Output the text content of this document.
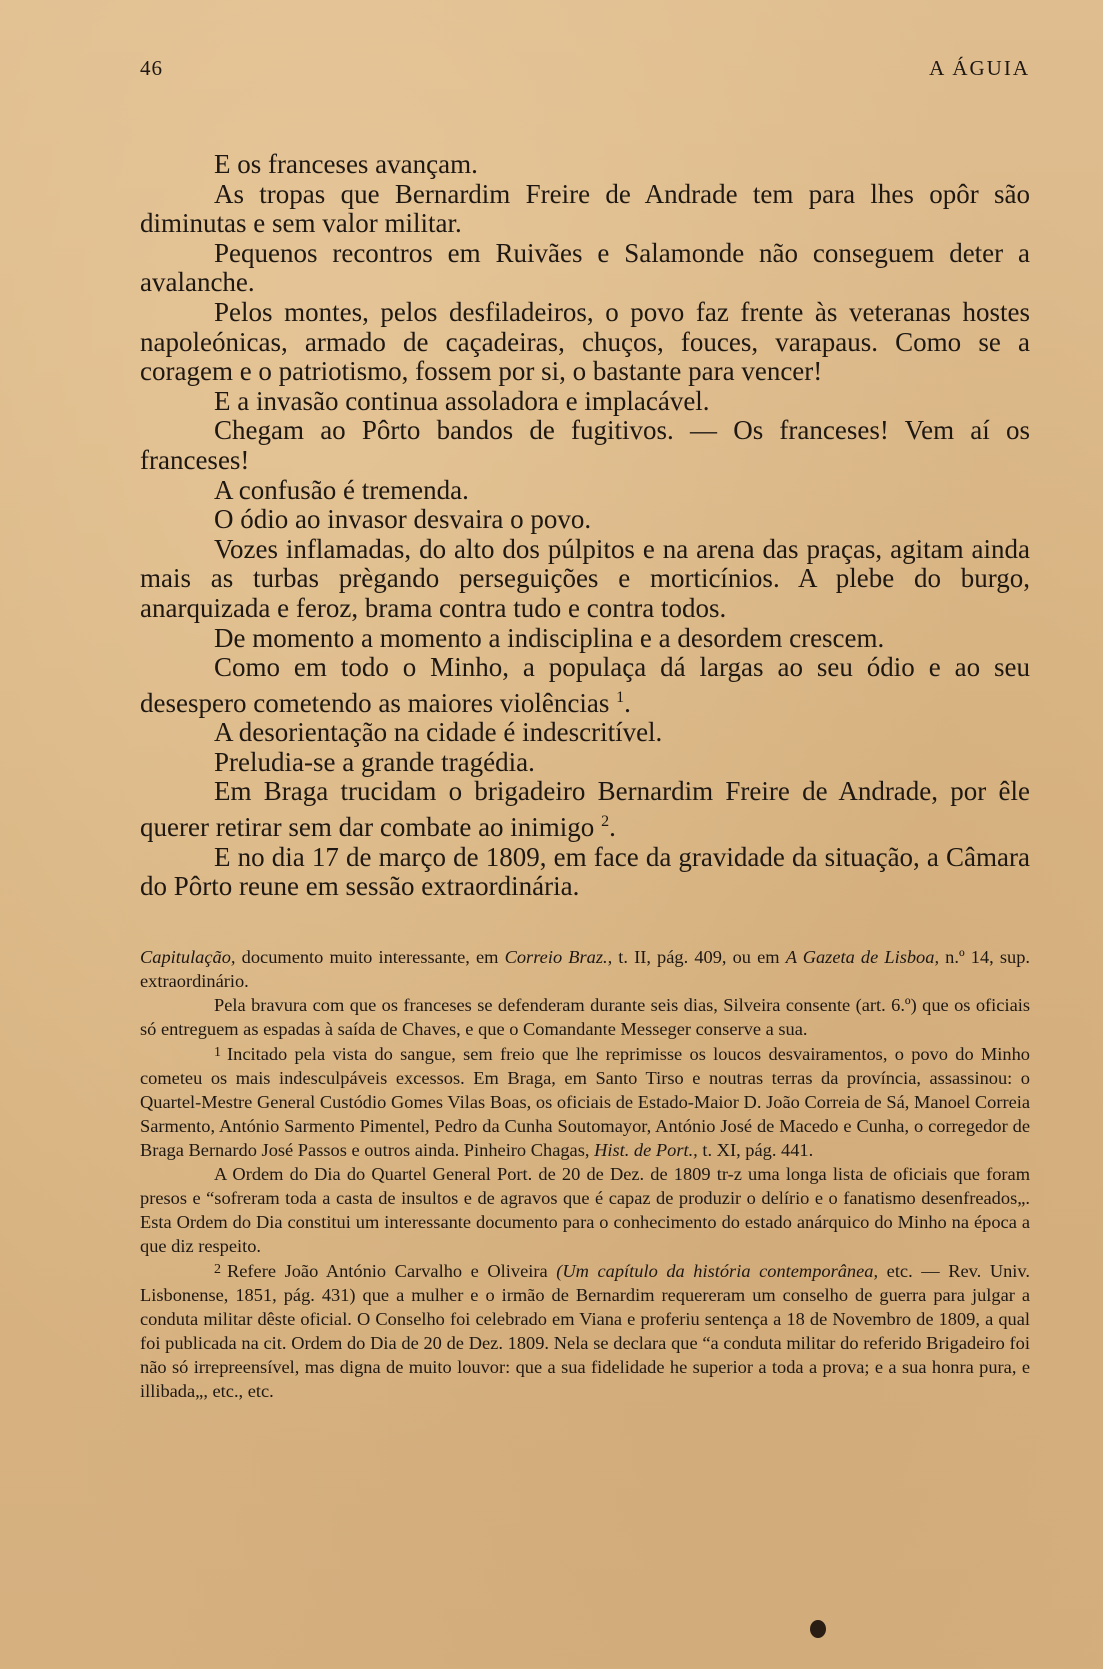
46	A ÁGUIA

E os franceses avançam.

As tropas que Bernardim Freire de Andrade tem para lhes opôr são diminutas e sem valor militar.

Pequenos recontros em Ruivães e Salamonde não conseguem deter a avalanche.

Pelos montes, pelos desfiladeiros, o povo faz frente às veteranas hostes napoleónicas, armado de caçadeiras, chuços, fouces, varapaus. Como se a coragem e o patriotismo, fossem por si, o bastante para vencer!

E a invasão continua assoladora e implacável.

Chegam ao Pôrto bandos de fugitivos. — Os franceses! Vem aí os franceses!

A confusão é tremenda.

O ódio ao invasor desvaira o povo.

Vozes inflamadas, do alto dos púlpitos e na arena das praças, agitam ainda mais as turbas prègando perseguições e morticínios. A plebe do burgo, anarquizada e feroz, brama contra tudo e contra todos.

De momento a momento a indisciplina e a desordem crescem.

Como em todo o Minho, a populaça dá largas ao seu ódio e ao seu desespero cometendo as maiores violências $^1$.

A desorientação na cidade é indescritível.

Preludia-se a grande tragédia.

Em Braga trucidam o brigadeiro Bernardim Freire de Andrade, por êle querer retirar sem dar combate ao inimigo $^2$.

E no dia 17 de março de 1809, em face da gravidade da situação, a Câmara do Pôrto reune em sessão extraordinária.

Capitulação, documento muito interessante, em Correio Braz., t. II, pág. 409, ou em A Gazeta de Lisboa, n.º 14, sup. extraordinário.

Pela bravura com que os franceses se defenderam durante seis dias, Silveira consente (art. 6.º) que os oficiais só entreguem as espadas à saída de Chaves, e que o Comandante Messeger conserve a sua.

$^1$ Incitado pela vista do sangue, sem freio que lhe reprimisse os loucos desvairamentos, o povo do Minho cometeu os mais indesculpáveis excessos. Em Braga, em Santo Tirso e noutras terras da província, assassinou: o Quartel-Mestre General Custódio Gomes Vilas Boas, os oficiais de Estado-Maior D. João Correia de Sá, Manoel Correia Sarmento, António Sarmento Pimentel, Pedro da Cunha Soutomayor, António José de Macedo e Cunha, o corregedor de Braga Bernardo José Passos e outros ainda. Pinheiro Chagas, Hist. de Port., t. XI, pág. 441.

A Ordem do Dia do Quartel General Port. de 20 de Dez. de 1809 tr-z uma longa lista de oficiais que foram presos e “sofreram toda a casta de insultos e de agravos que é capaz de produzir o delírio e o fanatismo desenfreados„. Esta Ordem do Dia constitui um interessante documento para o conhecimento do estado anárquico do Minho na época a que diz respeito.

$^2$ Refere João António Carvalho e Oliveira (Um capítulo da história contemporânea, etc. — Rev. Univ. Lisbonense, 1851, pág. 431) que a mulher e o irmão de Bernardim requereram um conselho de guerra para julgar a conduta militar dêste oficial. O Conselho foi celebrado em Viana e proferiu sentença a 18 de Novembro de 1809, a qual foi publicada na cit. Ordem do Dia de 20 de Dez. 1809. Nela se declara que “a conduta militar do referido Brigadeiro foi não só irrepreensível, mas digna de muito louvor: que a sua fidelidade he superior a toda a prova; e a sua honra pura, e illibada„, etc., etc.
